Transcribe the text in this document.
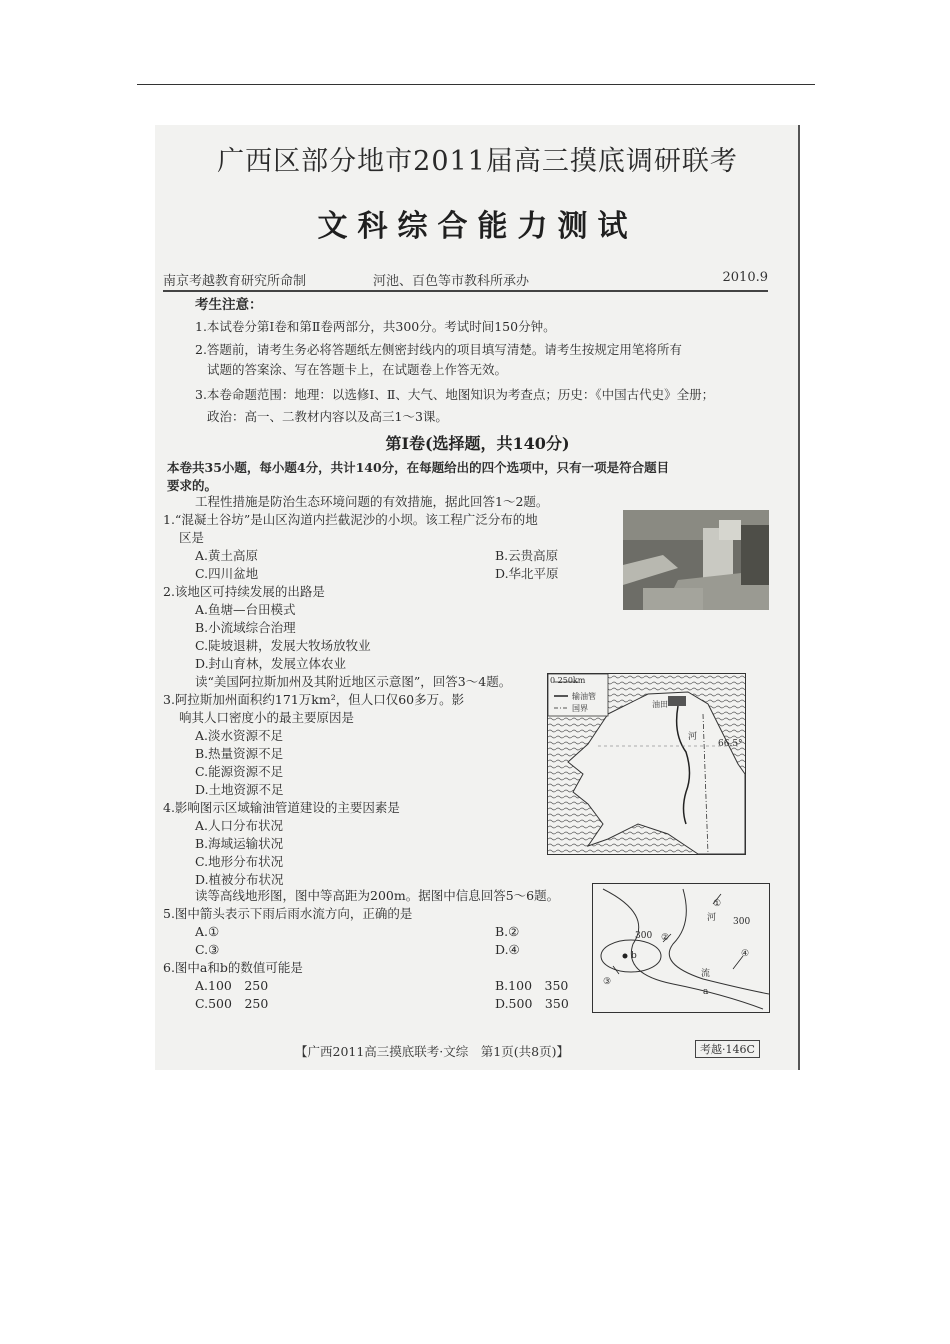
广西区部分地市2011届高三摸底调研联考
文科综合能力测试
南京考越教育研究所命制	河池、百色等市教科所承办	2010.9
考生注意：
1.本试卷分第Ⅰ卷和第Ⅱ卷两部分，共300分。考试时间150分钟。
2.答题前，请考生务必将答题纸左侧密封线内的项目填写清楚。请考生按规定用笔将所有
试题的答案涂、写在答题卡上，在试题卷上作答无效。
3.本卷命题范围：地理：以选修Ⅰ、Ⅱ、大气、地图知识为考查点；历史：《中国古代史》全册；
政治：高一、二教材内容以及高三1～3课。
第Ⅰ卷(选择题，共140分)
本卷共35小题，每小题4分，共计140分，在每题给出的四个选项中，只有一项是符合题目
要求的。
工程性措施是防治生态环境问题的有效措施，据此回答1～2题。
1.“混凝土谷坊”是山区沟道内拦截泥沙的小坝。该工程广泛分布的地
区是
A.黄土高原	B.云贵高原
C.四川盆地	D.华北平原
2.该地区可持续发展的出路是
A.鱼塘—台田模式
B.小流域综合治理
C.陡坡退耕，发展大牧场放牧业
D.封山育林，发展立体农业
读“美国阿拉斯加州及其附近地区示意图”，回答3～4题。
3.阿拉斯加州面积约171万km²，但人口仅60多万。影
响其人口密度小的最主要原因是
A.淡水资源不足
B.热量资源不足
C.能源资源不足
D.土地资源不足
4.影响图示区域输油管道建设的主要因素是
A.人口分布状况
B.海域运输状况
C.地形分布状况
D.植被分布状况
0 250km
输油管
国界	油田
66.5°
河
读等高线地形图，图中等高距为200m。据图中信息回答5～6题。
5.图中箭头表示下雨后雨水流方向，正确的是
A.①	B.②
C.③	D.④
6.图中a和b的数值可能是
A.100　250	B.100　350
C.500　250	D.500　350
①
②
③
④
300
300
b
a
河
流
【广西2011高三摸底联考·文综　第1页(共8页)】	考越·146C
